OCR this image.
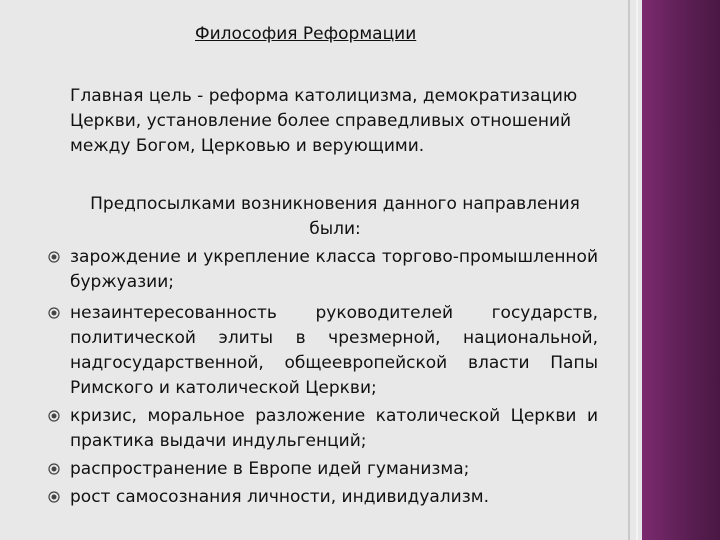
Философия Реформации
Главная цель - реформа католицизма, демократизацию Церкви, установление более справедливых отношений между Богом, Церковью и верующими.
Предпосылками возникновения данного направления были:
зарождение и укрепление класса торгово-промышленной буржуазии;
незаинтересованность руководителей государств, политической элиты в чрезмерной, национальной, надгосударственной, общеевропейской власти Папы Римского и католической Церкви;
кризис, моральное разложение католической Церкви и практика выдачи индульгенций;
распространение в Европе идей гуманизма;
рост самосознания личности, индивидуализм.
